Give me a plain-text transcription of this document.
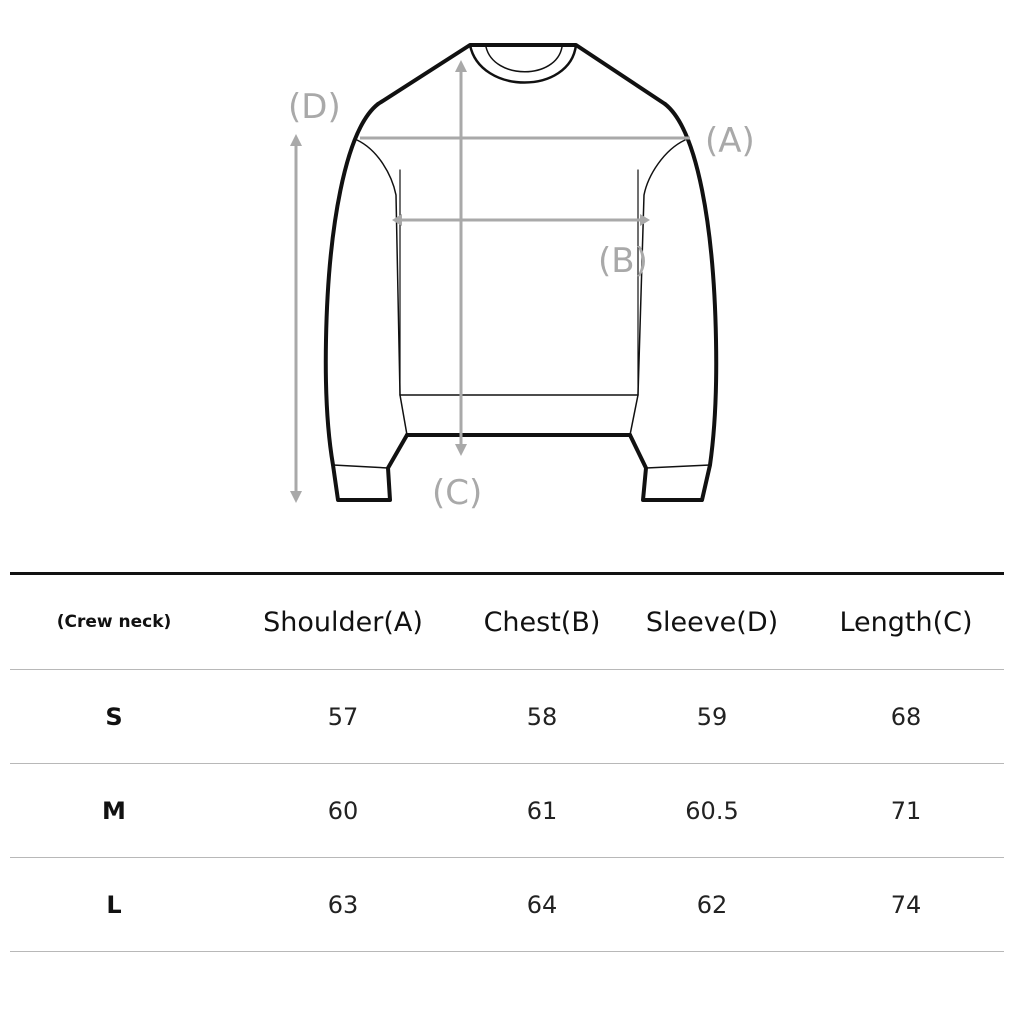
(D)
(A)
(B)
(C)
(Crew neck)	Shoulder(A)	Chest(B)	Sleeve(D)	Length(C)
S	57	58	59	68
M	60	61	60.5	71
L	63	64	62	74
